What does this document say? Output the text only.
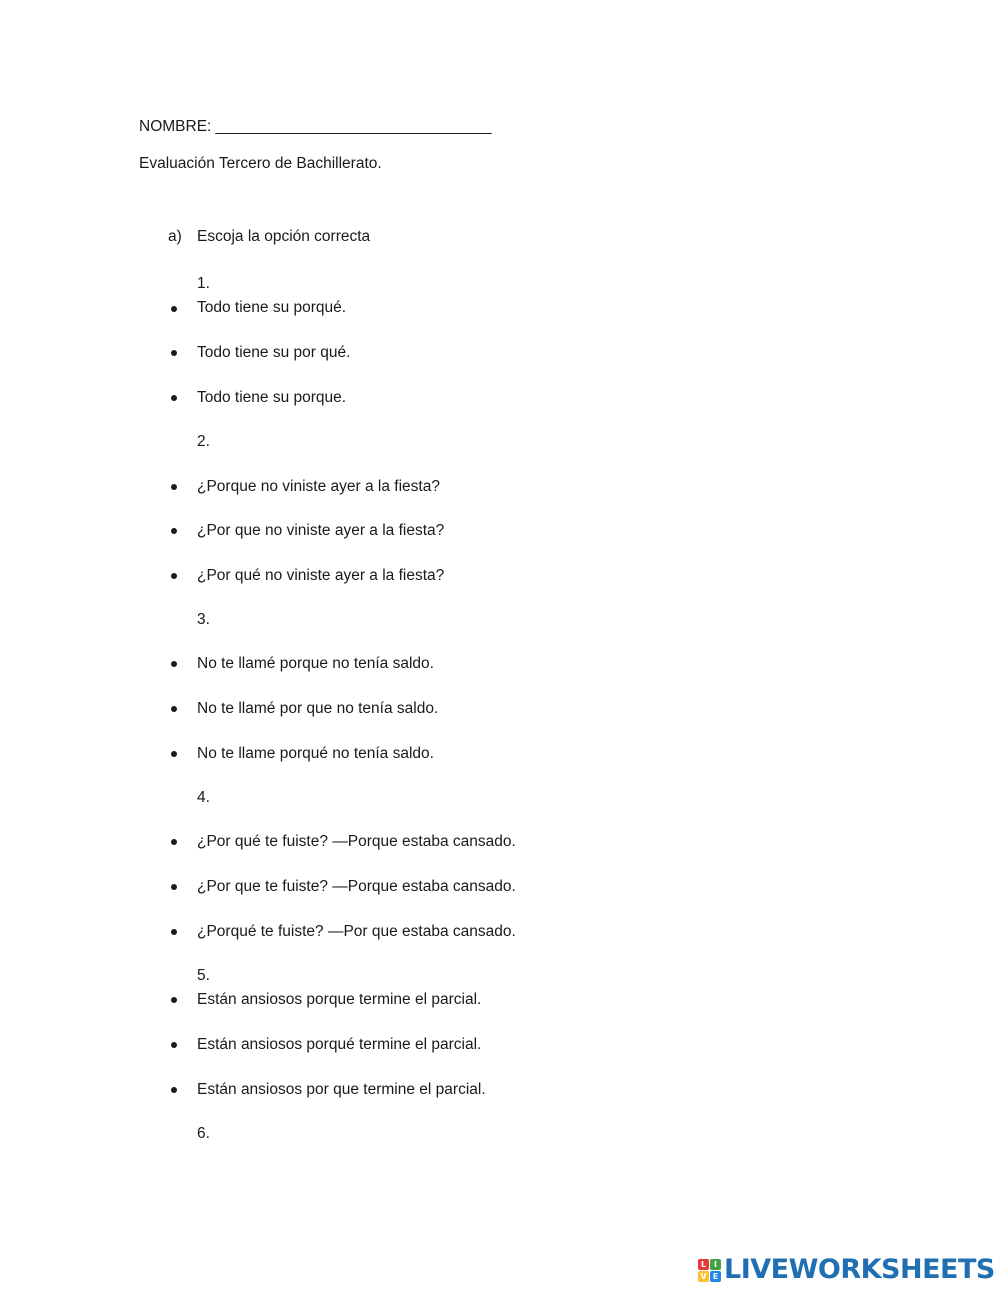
NOMBRE: ________________________________
Evaluación Tercero de Bachillerato.
a) Escoja la opción correcta
1.
Todo tiene su porqué.
Todo tiene su por qué.
Todo tiene su porque.
2.
¿Porque no viniste ayer a la fiesta?
¿Por que no viniste ayer a la fiesta?
¿Por qué no viniste ayer a la fiesta?
3.
No te llamé porque no tenía saldo.
No te llamé por que no tenía saldo.
No te llame porqué no tenía saldo.
4.
¿Por qué te fuiste? —Porque estaba cansado.
¿Por que te fuiste? —Porque estaba cansado.
¿Porqué te fuiste? —Por que estaba cansado.
5.
Están ansiosos porque termine el parcial.
Están ansiosos porqué termine el parcial.
Están ansiosos por que termine el parcial.
6.
L I
V E LIVEWORKSHEETS
